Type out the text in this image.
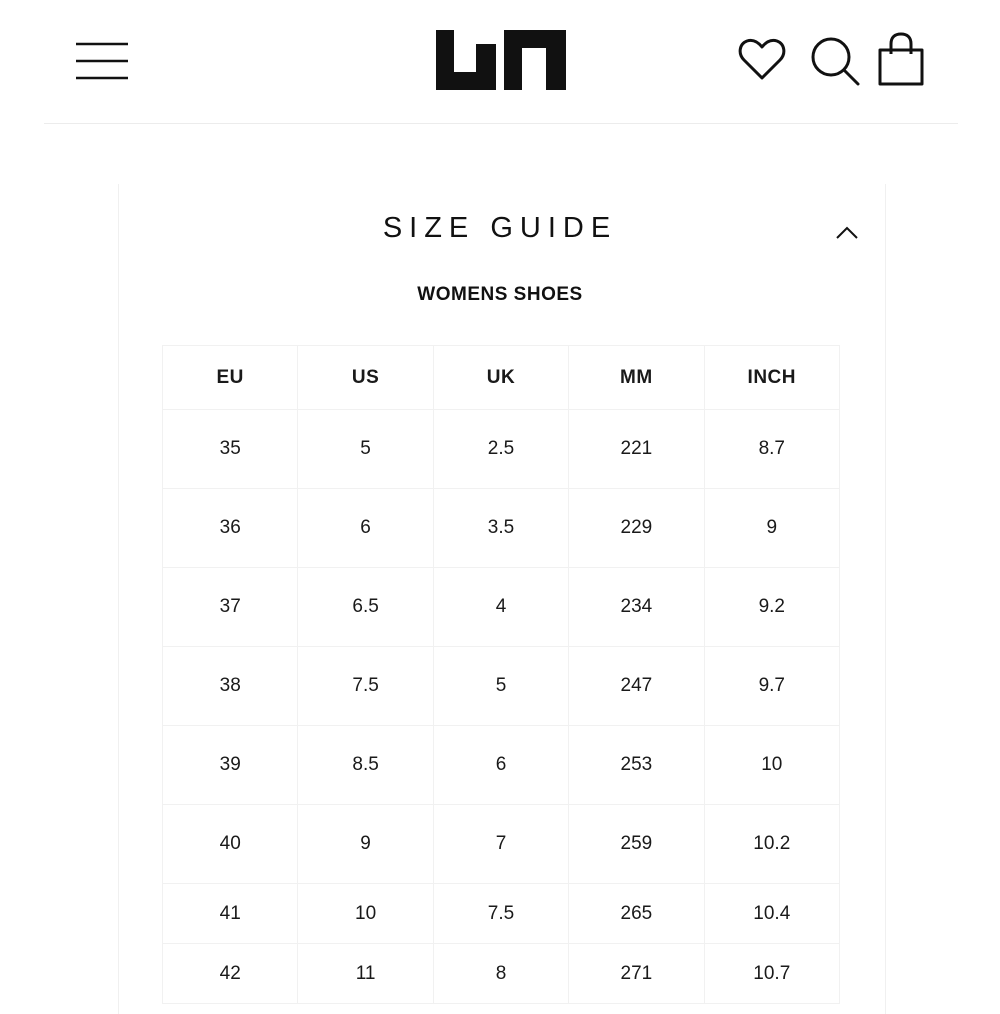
SIZE GUIDE
WOMENS SHOES
EU	US	UK	MM	INCH
35	5	2.5	221	8.7
36	6	3.5	229	9
37	6.5	4	234	9.2
38	7.5	5	247	9.7
39	8.5	6	253	10
40	9	7	259	10.2
41	10	7.5	265	10.4
42	11	8	271	10.7
